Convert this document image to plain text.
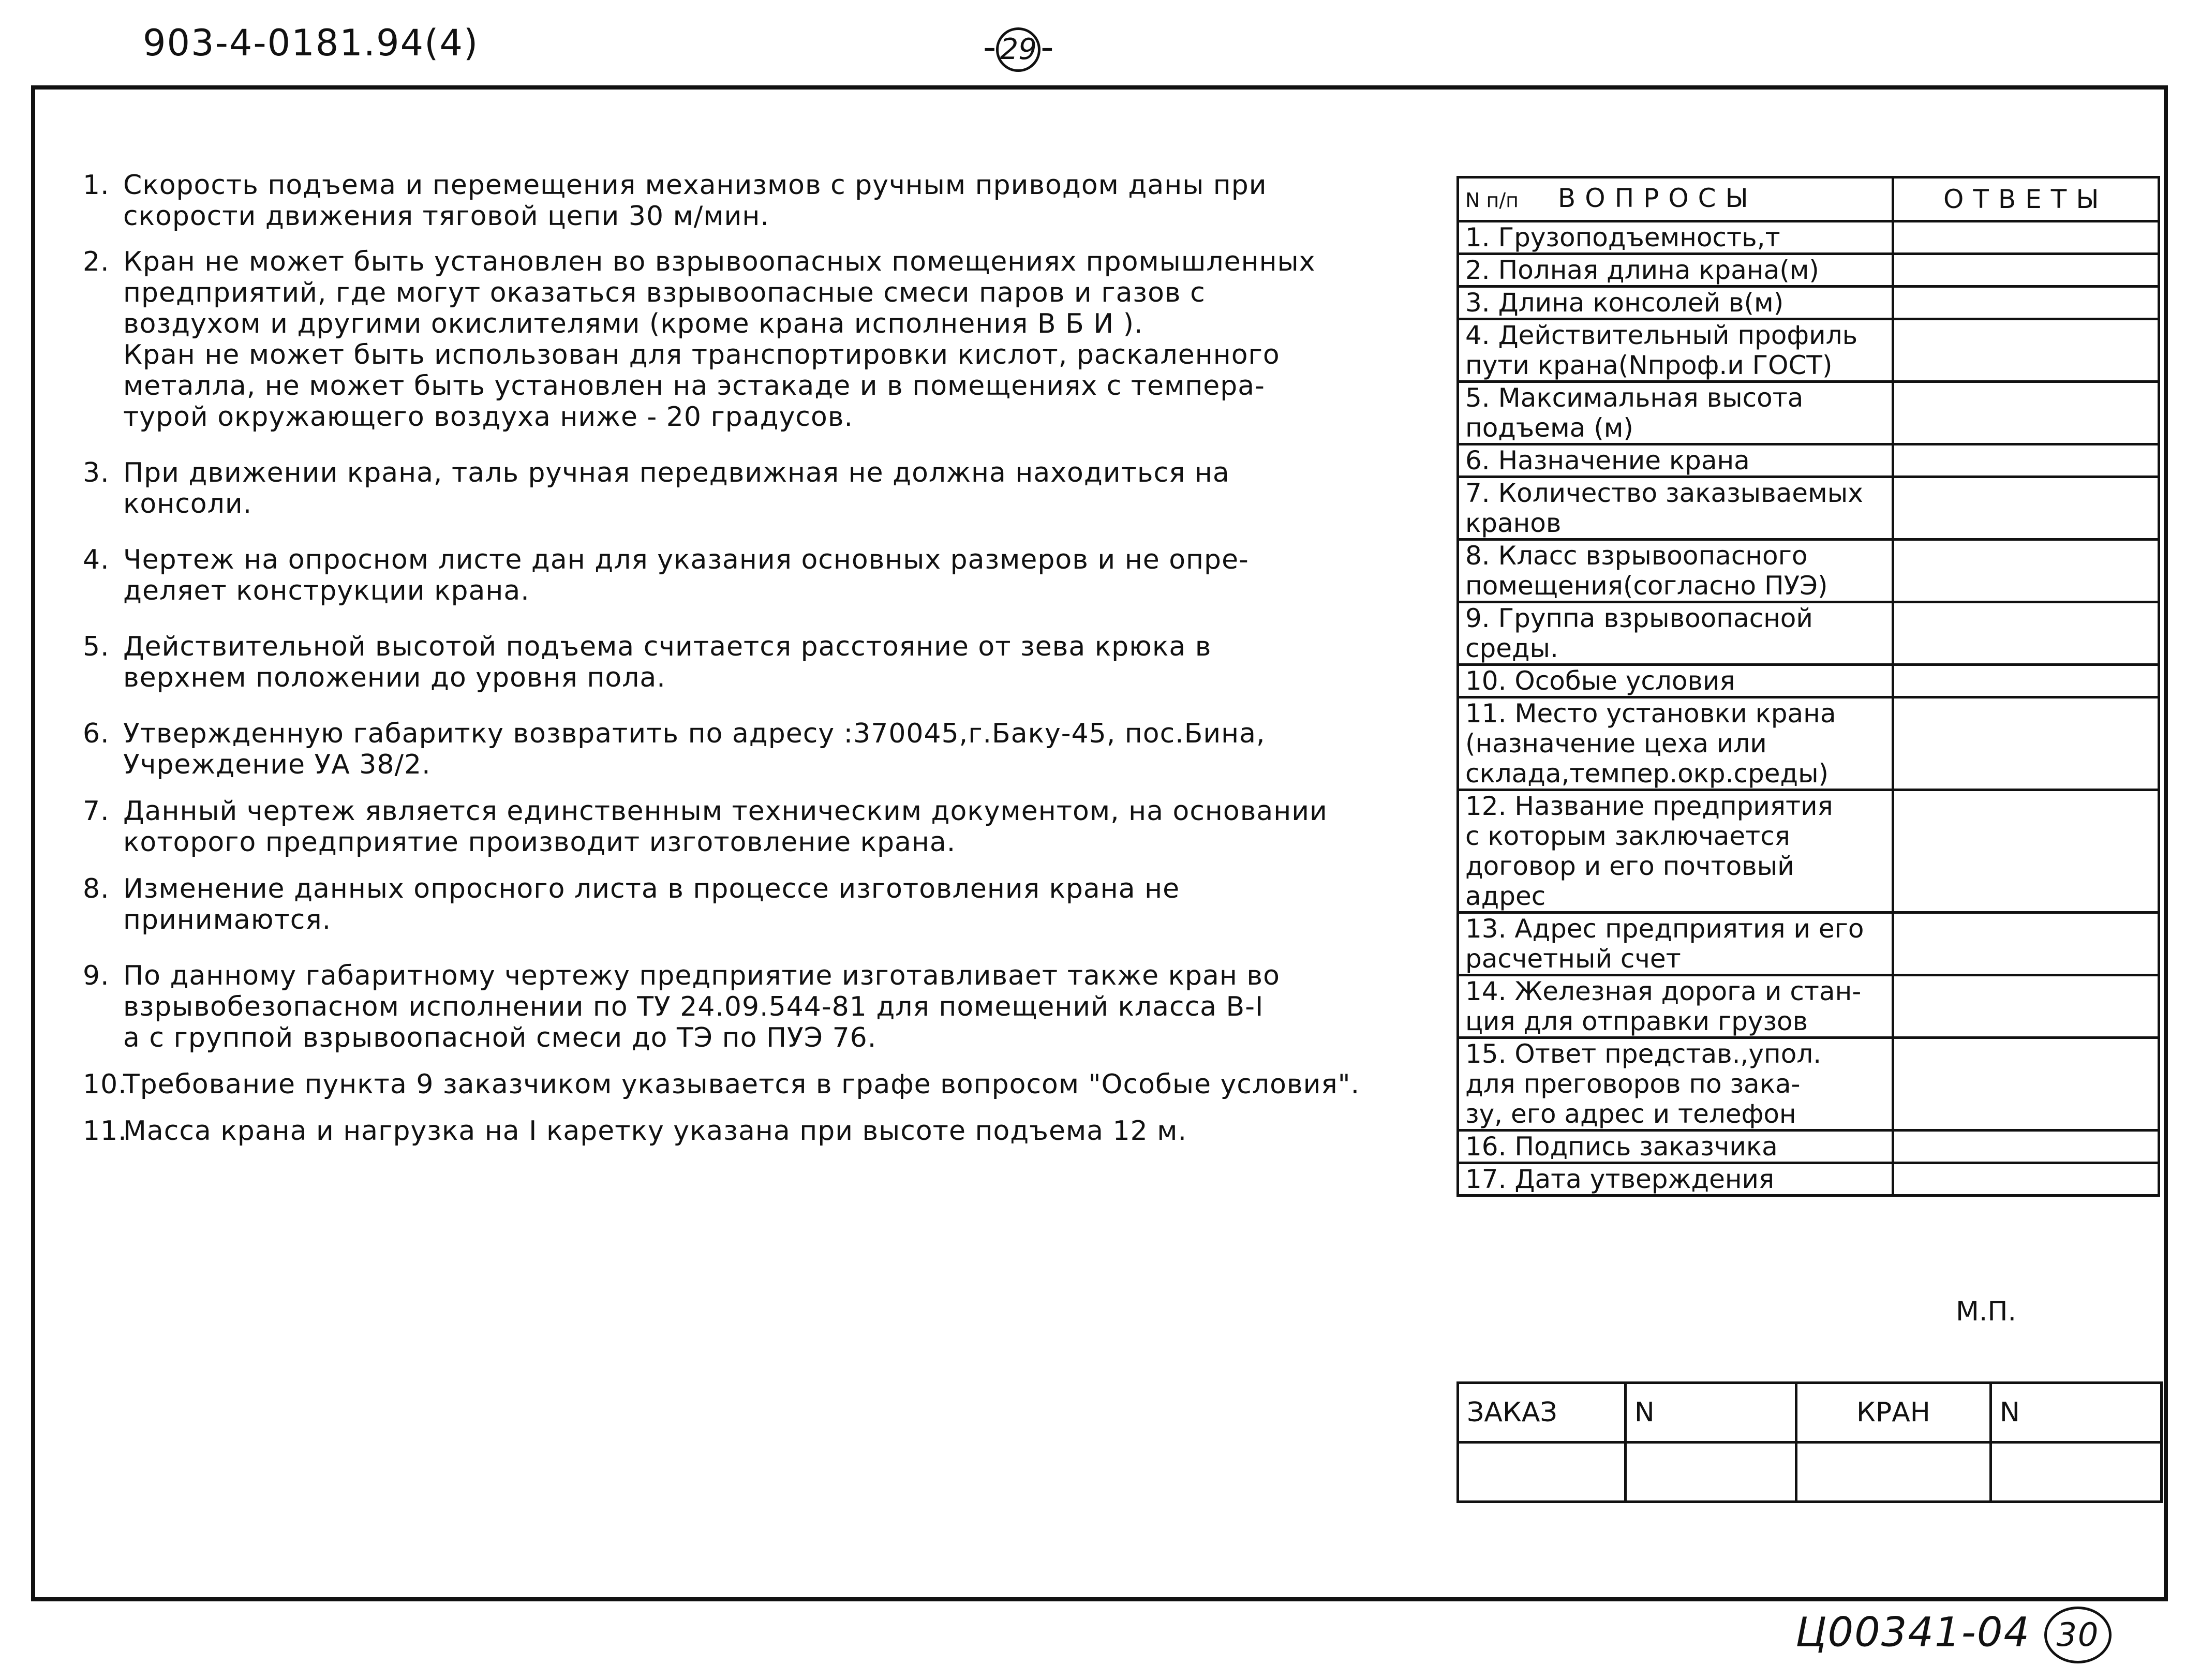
903-4-0181.94(4)	- 29 -
1. Скорость подъема и перемещения механизмов с ручным приводом даны при
скорости движения тяговой цепи 30 м/мин.
2. Кран не может быть установлен во взрывоопасных помещениях промышленных
предприятий, где могут оказаться взрывоопасные смеси паров и газов с
воздухом и другими окислителями (кроме крана исполнения В Б И ).
Кран не может быть использован для транспортировки кислот, раскаленного
металла, не может быть установлен на эстакаде и в помещениях с темпера-
турой окружающего воздуха ниже - 20 градусов.
3. При движении крана, таль ручная передвижная не должна находиться на
консоли.
4. Чертеж на опросном листе дан для указания основных размеров и не опре-
деляет конструкции крана.
5. Действительной высотой подъема считается расстояние от зева крюка в
верхнем положении до уровня пола.
6. Утвержденную габаритку возвратить по адресу :370045,г.Баку-45, пос.Бина,
Учреждение УА 38/2.
7. Данный чертеж является единственным техническим документом, на основании
которого предприятие производит изготовление крана.
8. Изменение данных опросного листа в процессе изготовления крана не
принимаются.
9. По данному габаритному чертежу предприятие изготавливает также кран во
взрывобезопасном исполнении по ТУ 24.09.544-81 для помещений класса В-I
а с группой взрывоопасной смеси до ТЭ по ПУЭ 76.
10.
Требование пункта 9 заказчиком указывается в графе вопросом "Особые условия".
11.
Масса крана и нагрузка на I каретку указана при высоте подъема 12 м.
N п/п ВОПРОСЫ	ОТВЕТЫ

1. Грузоподъемность,т	

2. Полная длина крана(м)	

3. Длина консолей в(м)	

4. Действительный профиль
пути крана(Nпроф.и ГОСТ)	

5. Максимальная высота
подъема (м)	

6. Назначение крана	

7. Количество заказываемых
кранов	

8. Класс взрывоопасного
помещения(согласно ПУЭ)	

9. Группа взрывоопасной
среды.	

10. Особые условия	

11. Место установки крана
(назначение цеха или
склада,темпер.окр.среды)	

12. Название предприятия
с которым заключается
договор и его почтовый
адрес	

13. Адрес предприятия и его
расчетный счет	

14. Железная дорога и стан-
ция для отправки грузов	

15. Ответ представ.,упол.
для преговоров по зака-
зу, его адрес и телефон	

16. Подпись заказчика	

17. Дата утверждения	

М.П.
ЗАКАЗ	N	КРАН	N

Ц00341-04 30
